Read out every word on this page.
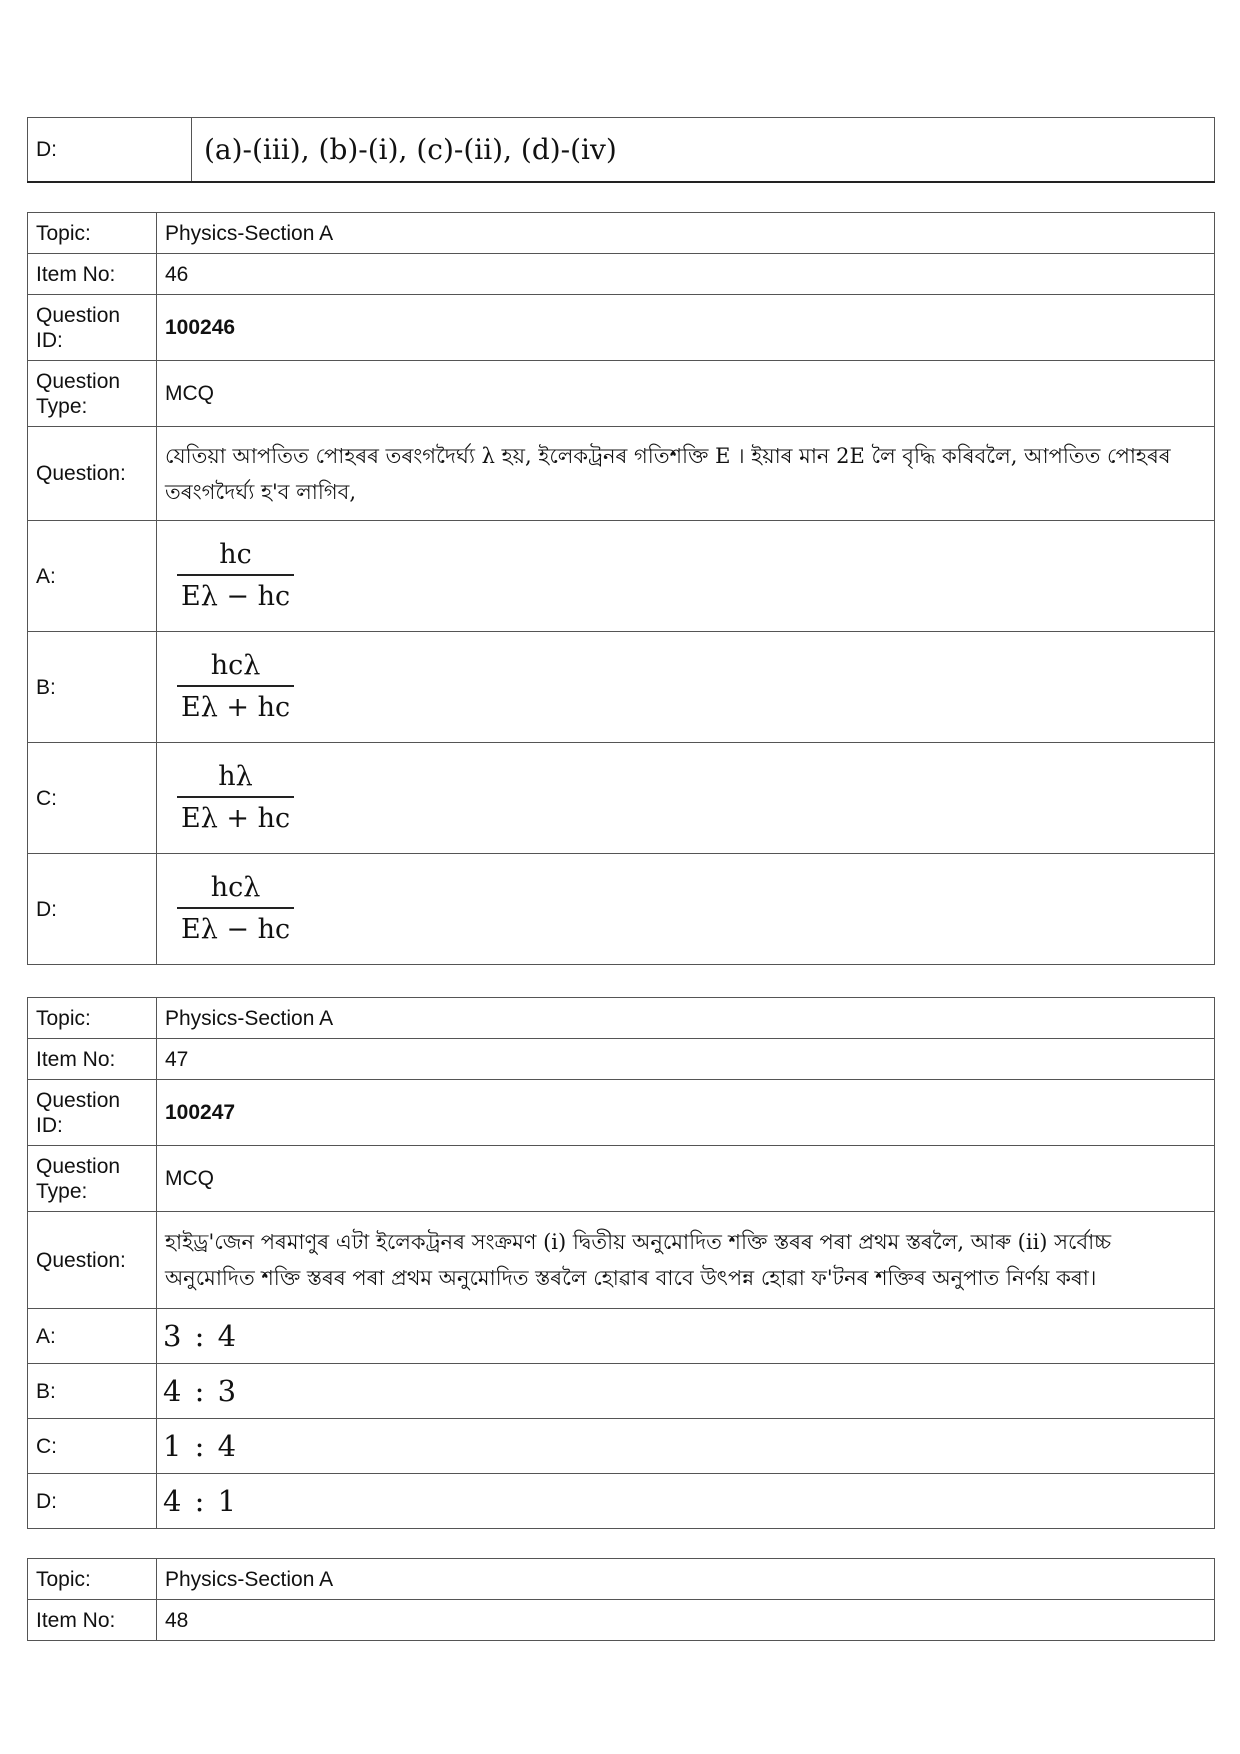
D:	(a)-(iii), (b)-(i), (c)-(ii), (d)-(iv)
Topic:	Physics-Section A
Item No:	46
Question ID:	100246
Question Type:	MCQ
Question:	যেতিয়া আপতিত পোহৰৰ তৰংগদৈৰ্ঘ্য λ হয়, ইলেকট্ৰনৰ গতিশক্তি E । ইয়াৰ মান 2E লৈ বৃদ্ধি কৰিবলৈ, আপতিত পোহৰৰ তৰংগদৈৰ্ঘ্য হ'ব লাগিব,
A:	$\frac{hc}{E\lambda - hc}$

B:	$\frac{\text{hcλ}}{E\lambda + hc}$

C:	$\frac{h\lambda}{E\lambda + hc}$

D:	$\frac{\text{hcλ}}{E\lambda - hc}$
Topic:	Physics-Section A
Item No:	47
Question ID:	100247
Question Type:	MCQ
Question:	হাইড্ৰ'জেন পৰমাণুৰ এটা ইলেকট্ৰনৰ সংক্ৰমণ (i) দ্বিতীয় অনুমোদিত শক্তি স্তৰৰ পৰা প্ৰথম স্তৰলৈ, আৰু (ii) সৰ্বোচ্চ অনুমোদিত শক্তি স্তৰৰ পৰা প্ৰথম অনুমোদিত স্তৰলৈ হোৱাৰ বাবে উৎপন্ন হোৱা ফ'টনৰ শক্তিৰ অনুপাত নিৰ্ণয় কৰা।
A:	3 : 4
B:	4 : 3
C:	1 : 4
D:	4 : 1
Topic:	Physics-Section A
Item No:	48
